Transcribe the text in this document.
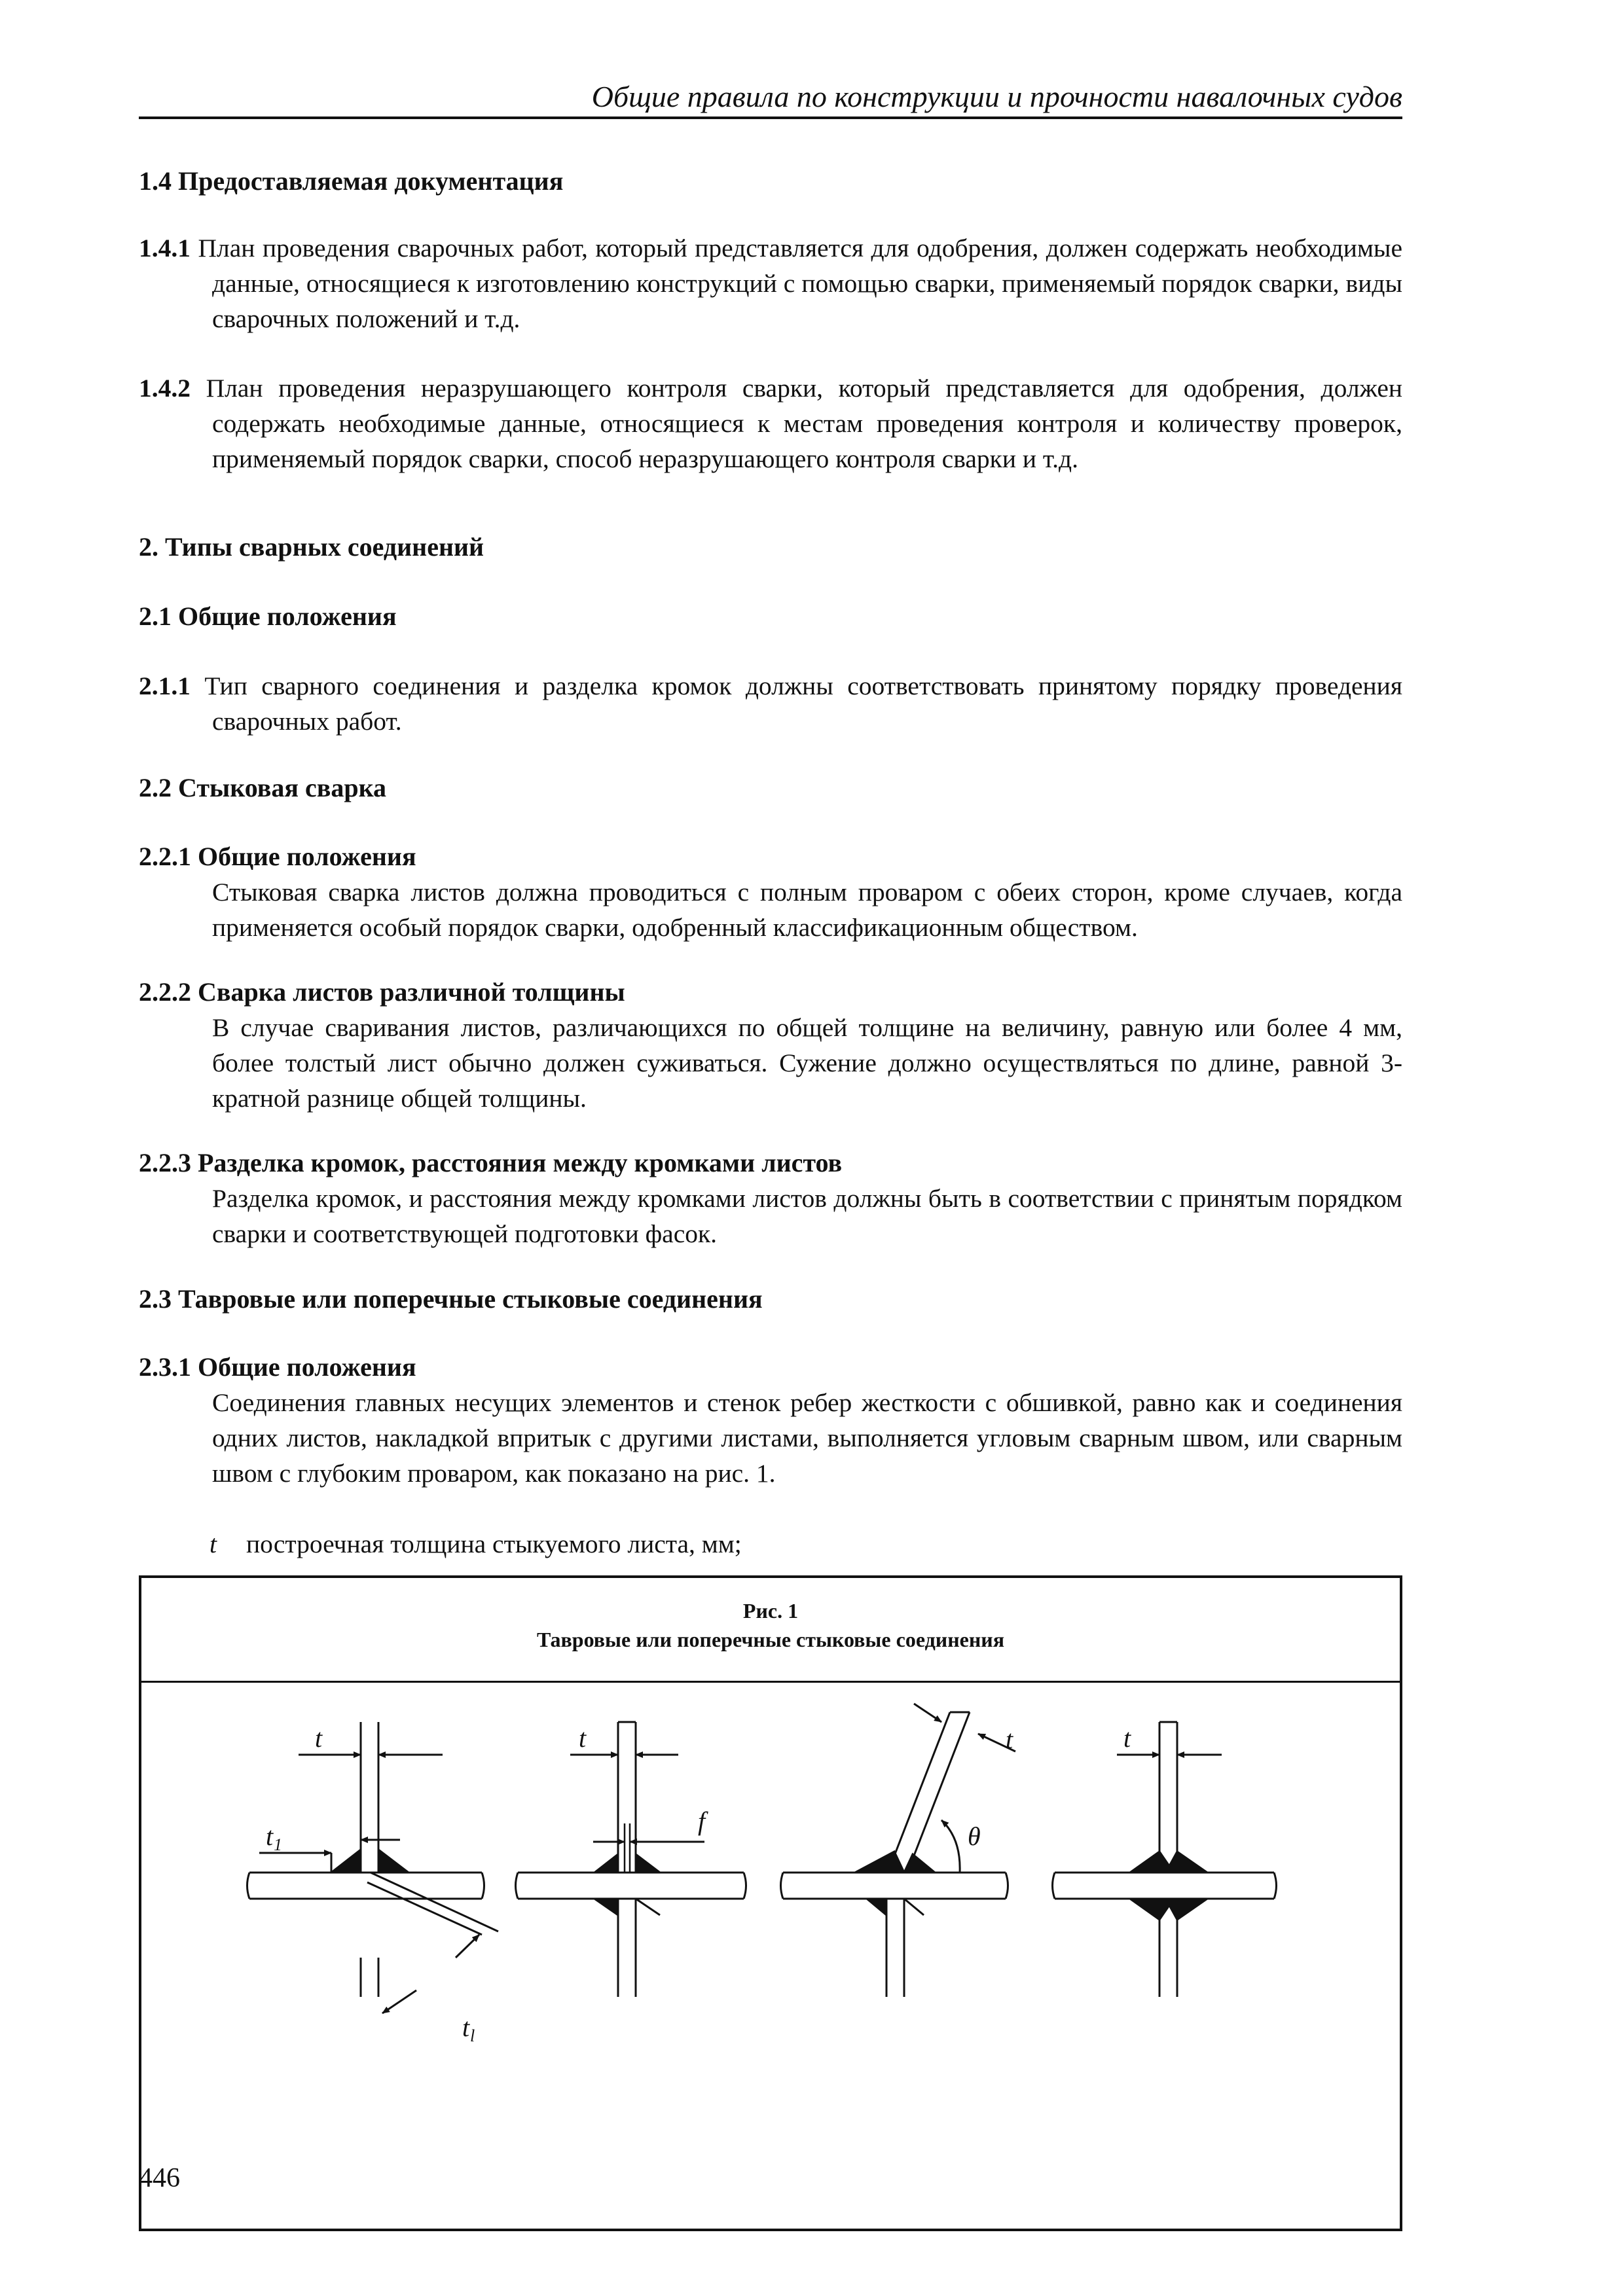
Общие правила по конструкции и прочности навалочных судов
1.4 Предоставляемая документация

1.4.1 План проведения сварочных работ, который представляется для одобрения, должен содержать необходимые данные, относящиеся к изготовлению конструкций с помощью сварки, применяемый порядок сварки, виды сварочных положений и т.д.

1.4.2 План проведения неразрушающего контроля сварки, который представляется для одобрения, должен содержать необходимые данные, относящиеся к местам проведения контроля и количеству проверок, применяемый порядок сварки, способ неразрушающего контроля сварки и т.д.

2. Типы сварных соединений
2.1 Общие положения

2.1.1 Тип сварного соединения и разделка кромок должны соответствовать принятому порядку проведения сварочных работ.

2.2 Стыковая сварка
2.2.1 Общие положения

Стыковая сварка листов должна проводиться с полным проваром с обеих сторон, кроме случаев, когда применяется особый порядок сварки, одобренный классификационным обществом.

2.2.2 Сварка листов различной толщины

В случае сваривания листов, различающихся по общей толщине на величину, равную или более 4 мм, более толстый лист обычно должен суживаться. Сужение должно осуществляться по длине, равной 3-кратной разнице общей толщины.

2.2.3 Разделка кромок, расстояния между кромками листов

Разделка кромок, и расстояния между кромками листов должны быть в соответствии с принятым порядком сварки и соответствующей подготовки фасок.

2.3 Тавровые или поперечные стыковые соединения
2.3.1 Общие положения

Соединения главных несущих элементов и стенок ребер жесткости с обшивкой, равно как и соединения одних листов, накладкой впритык с другими листами, выполняется угловым сварным швом, или сварным швом с глубоким проваром, как показано на рис. 1.

t построечная толщина стыкуемого листа, мм;
Рис. 1
Тавровые или поперечные стыковые соединения
t
t 1
t l
t
f
t
θ
t
446
